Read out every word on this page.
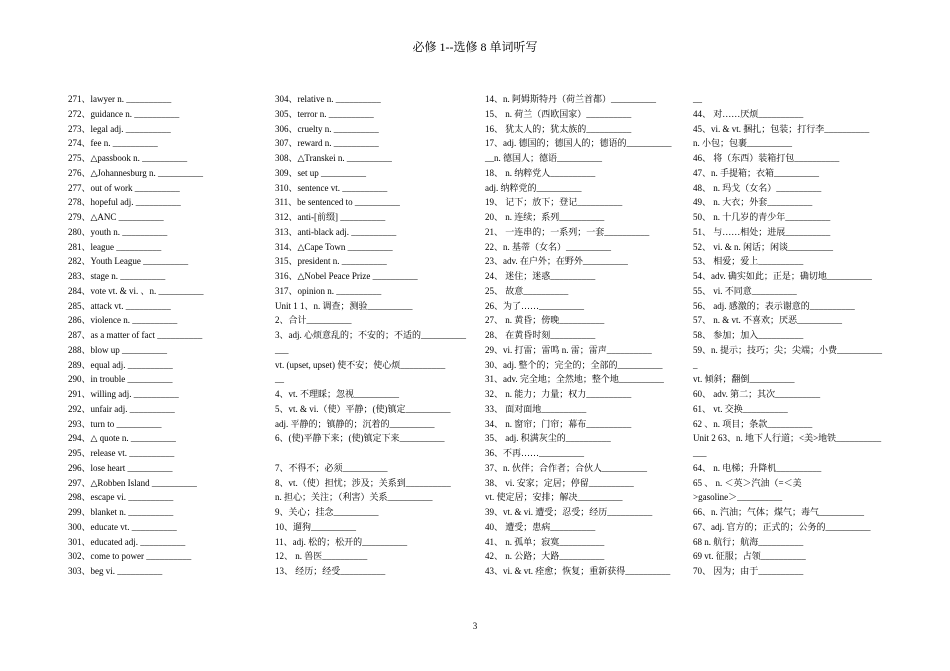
必修 1--选修 8 单词听写
271、lawyer n. __________
272、guidance n. __________
273、legal adj. __________
274、fee n. __________
275、△passbook n. __________
276、△Johannesburg n. __________
277、out of work __________
278、hopeful adj. __________
279、△ANC __________
280、youth n. __________
281、league __________
282、Youth League __________
283、stage n. __________
284、vote vt. & vi. 、n. __________
285、attack vt. __________
286、violence n. __________
287、as a matter of fact __________
288、blow up __________
289、equal adj. __________
290、in trouble __________
291、willing adj. __________
292、unfair adj. __________
293、turn to __________
294、△ quote n. __________
295、release vt. __________
296、lose heart __________
297、△Robben Island __________
298、escape vi. __________
299、blanket n. __________
300、educate vt. __________
301、educated adj. __________
302、come to power __________
303、beg vi. __________
304、relative n. __________
305、terror n. __________
306、cruelty n. __________
307、reward n. __________
308、△Transkei n. __________
309、set up __________
310、sentence vt. __________
311、be sentenced to __________
312、anti-[前缀] __________
313、anti-black adj. __________
314、△Cape Town __________
315、president n. __________
316、△Nobel Peace Prize __________
317、opinion n. __________
Unit 1 1、n. 调查；测验__________
2、合计__________
3、adj. 心烦意乱的；不安的；不适的__________
___
vt. (upset, upset) 使不安；使心烦__________
__
4、vt. 不理睬；忽视__________
5、vt. & vi.（使）平静；(使)镇定__________
adj. 平静的；镇静的；沉着的__________
6、(使)平静下来；(使)镇定下来__________
7、不得不；必须__________
8、vt.（使）担忧；涉及；关系到__________
n. 担心；关注；（利害）关系__________
9、关心；挂念__________
10、遛狗__________
11、adj. 松的；松开的__________
12、 n. 兽医__________
13、 经历；经受__________
14、n. 阿姆斯特丹（荷兰首都）__________
15、 n. 荷兰（西欧国家）__________
16、 犹太人的；犹太族的__________
17、adj. 德国的；德国人的；德语的__________
__n. 德国人；德语__________
18、 n. 纳粹党人__________
adj. 纳粹党的__________
19、 记下；放下；登记__________
20、 n. 连续；系列__________
21、 一连串的；一系列；一套__________
22、n. 基蒂（女名）__________
23、adv. 在户外；在野外__________
24、 迷住；迷惑__________
25、 故意__________
26、为了……__________
27、 n. 黄昏；傍晚__________
28、 在黄昏时刻__________
29、vi. 打雷；雷鸣 n. 雷；雷声__________
30、adj. 整个的；完全的；全部的__________
31、adv. 完全地；全然地；整个地__________
32、 n. 能力；力量；权力__________
33、 面对面地__________
34、 n. 窗帘；门帘；幕布__________
35、 adj. 积满灰尘的__________
36、不再……__________
37、n. 伙伴；合作者；合伙人__________
38、 vi. 安家；定居；停留__________
vt. 使定居；安排；解决__________
39、vt. & vi. 遭受；忍受；经历__________
40、 遭受；患病__________
41、 n. 孤单；寂寞__________
42、 n. 公路；大路__________
43、vi. & vt. 痊愈；恢复；重新获得__________
__
44、 对……厌烦__________
45、vi. & vt. 捆扎；包装；打行李__________
n. 小包；包裹__________
46、 将（东西）装箱打包__________
47、n. 手提箱；衣箱__________
48、 n. 玛戈（女名）__________
49、 n. 大衣；外套__________
50、 n. 十几岁的青少年__________
51、 与……相处；进展__________
52、 vi. & n. 闲话；闲谈__________
53、 相爱；爱上__________
54、adv. 确实如此；正是；确切地__________
55、 vi. 不同意__________
56、 adj. 感激的；表示谢意的__________
57、 n. & vt. 不喜欢；厌恶__________
58、 参加；加入__________
59、n. 提示；技巧；尖；尖端；小费__________
_
vt. 倾斜；翻倒__________
60、 adv. 第二；其次__________
61、 vt. 交换__________
62 、n. 项目；条款__________
Unit 2 63、n. 地下人行道；<美>地铁__________
___
64、 n. 电梯；升降机__________
65 、 n. ＜英＞汽油（=＜美
>gasoline＞__________
66、n. 汽油；气体；煤气；毒气__________
67、adj. 官方的；正式的；公务的__________
68 n. 航行；航海__________
69 vt. 征服；占领__________
70、 因为；由于__________
3
